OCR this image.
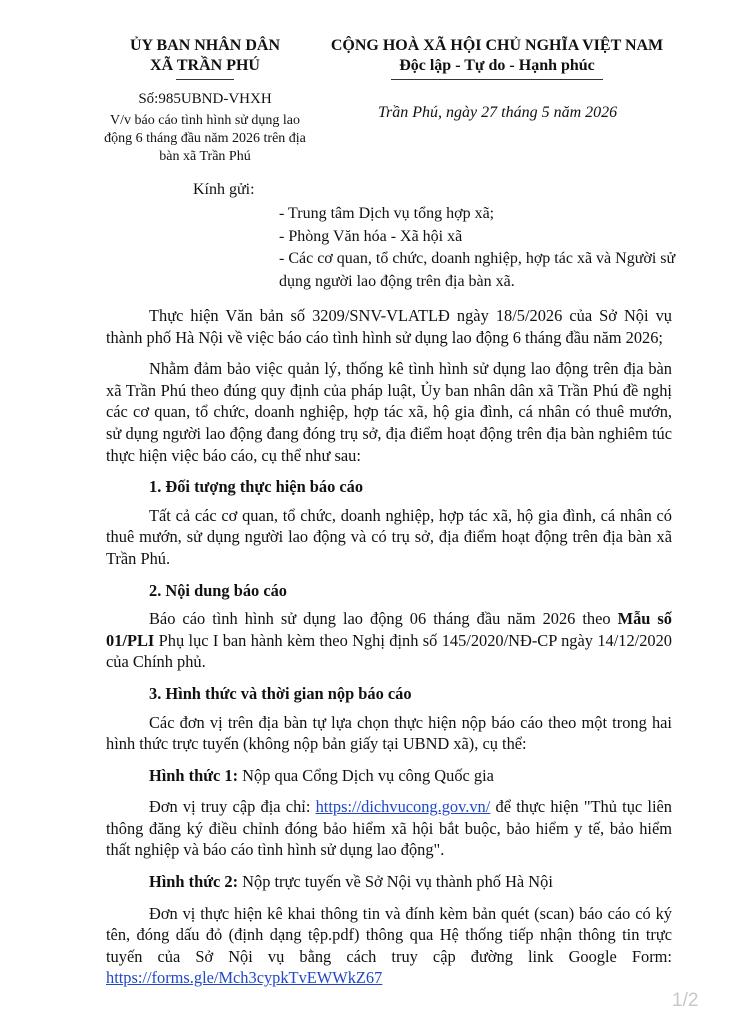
ỦY BAN NHÂN DÂN
XÃ TRẦN PHÚ
CỘNG HOÀ XÃ HỘI CHỦ NGHĨA VIỆT NAM
Độc lập - Tự do - Hạnh phúc
Số:985UBND-VHXH
V/v báo cáo tình hình sử dụng lao động 6 tháng đầu năm 2026 trên địa bàn xã Trần Phú
Trần Phú, ngày 27 tháng 5 năm 2026
Kính gửi:
- Trung tâm Dịch vụ tổng hợp xã;
- Phòng Văn hóa - Xã hội xã
- Các cơ quan, tổ chức, doanh nghiệp, hợp tác xã và Người sử dụng người lao động trên địa bàn xã.

Thực hiện Văn bản số 3209/SNV-VLATLĐ ngày 18/5/2026 của Sở Nội vụ thành phố Hà Nội về việc báo cáo tình hình sử dụng lao động 6 tháng đầu năm 2026;

Nhằm đảm bảo việc quản lý, thống kê tình hình sử dụng lao động trên địa bàn xã Trần Phú theo đúng quy định của pháp luật, Ủy ban nhân dân xã Trần Phú đề nghị các cơ quan, tổ chức, doanh nghiệp, hợp tác xã, hộ gia đình, cá nhân có thuê mướn, sử dụng người lao động đang đóng trụ sở, địa điểm hoạt động trên địa bàn nghiêm túc thực hiện việc báo cáo, cụ thể như sau:

1. Đối tượng thực hiện báo cáo

Tất cả các cơ quan, tổ chức, doanh nghiệp, hợp tác xã, hộ gia đình, cá nhân có thuê mướn, sử dụng người lao động và có trụ sở, địa điểm hoạt động trên địa bàn xã Trần Phú.

2. Nội dung báo cáo

Báo cáo tình hình sử dụng lao động 06 tháng đầu năm 2026 theo Mẫu số 01/PLI Phụ lục I ban hành kèm theo Nghị định số 145/2020/NĐ-CP ngày 14/12/2020 của Chính phủ.

3. Hình thức và thời gian nộp báo cáo

Các đơn vị trên địa bàn tự lựa chọn thực hiện nộp báo cáo theo một trong hai hình thức trực tuyến (không nộp bản giấy tại UBND xã), cụ thể:

Hình thức 1: Nộp qua Cổng Dịch vụ công Quốc gia

Đơn vị truy cập địa chỉ: https://dichvucong.gov.vn/ để thực hiện "Thủ tục liên thông đăng ký điều chỉnh đóng bảo hiểm xã hội bắt buộc, bảo hiểm y tế, bảo hiểm thất nghiệp và báo cáo tình hình sử dụng lao động".

Hình thức 2: Nộp trực tuyến về Sở Nội vụ thành phố Hà Nội

Đơn vị thực hiện kê khai thông tin và đính kèm bản quét (scan) báo cáo có ký tên, đóng dấu đỏ (định dạng tệp.pdf) thông qua Hệ thống tiếp nhận thông tin trực tuyến của Sở Nội vụ bằng cách truy cập đường link Google Form: https://forms.gle/Mch3cypkTvEWWkZ67

1/2
